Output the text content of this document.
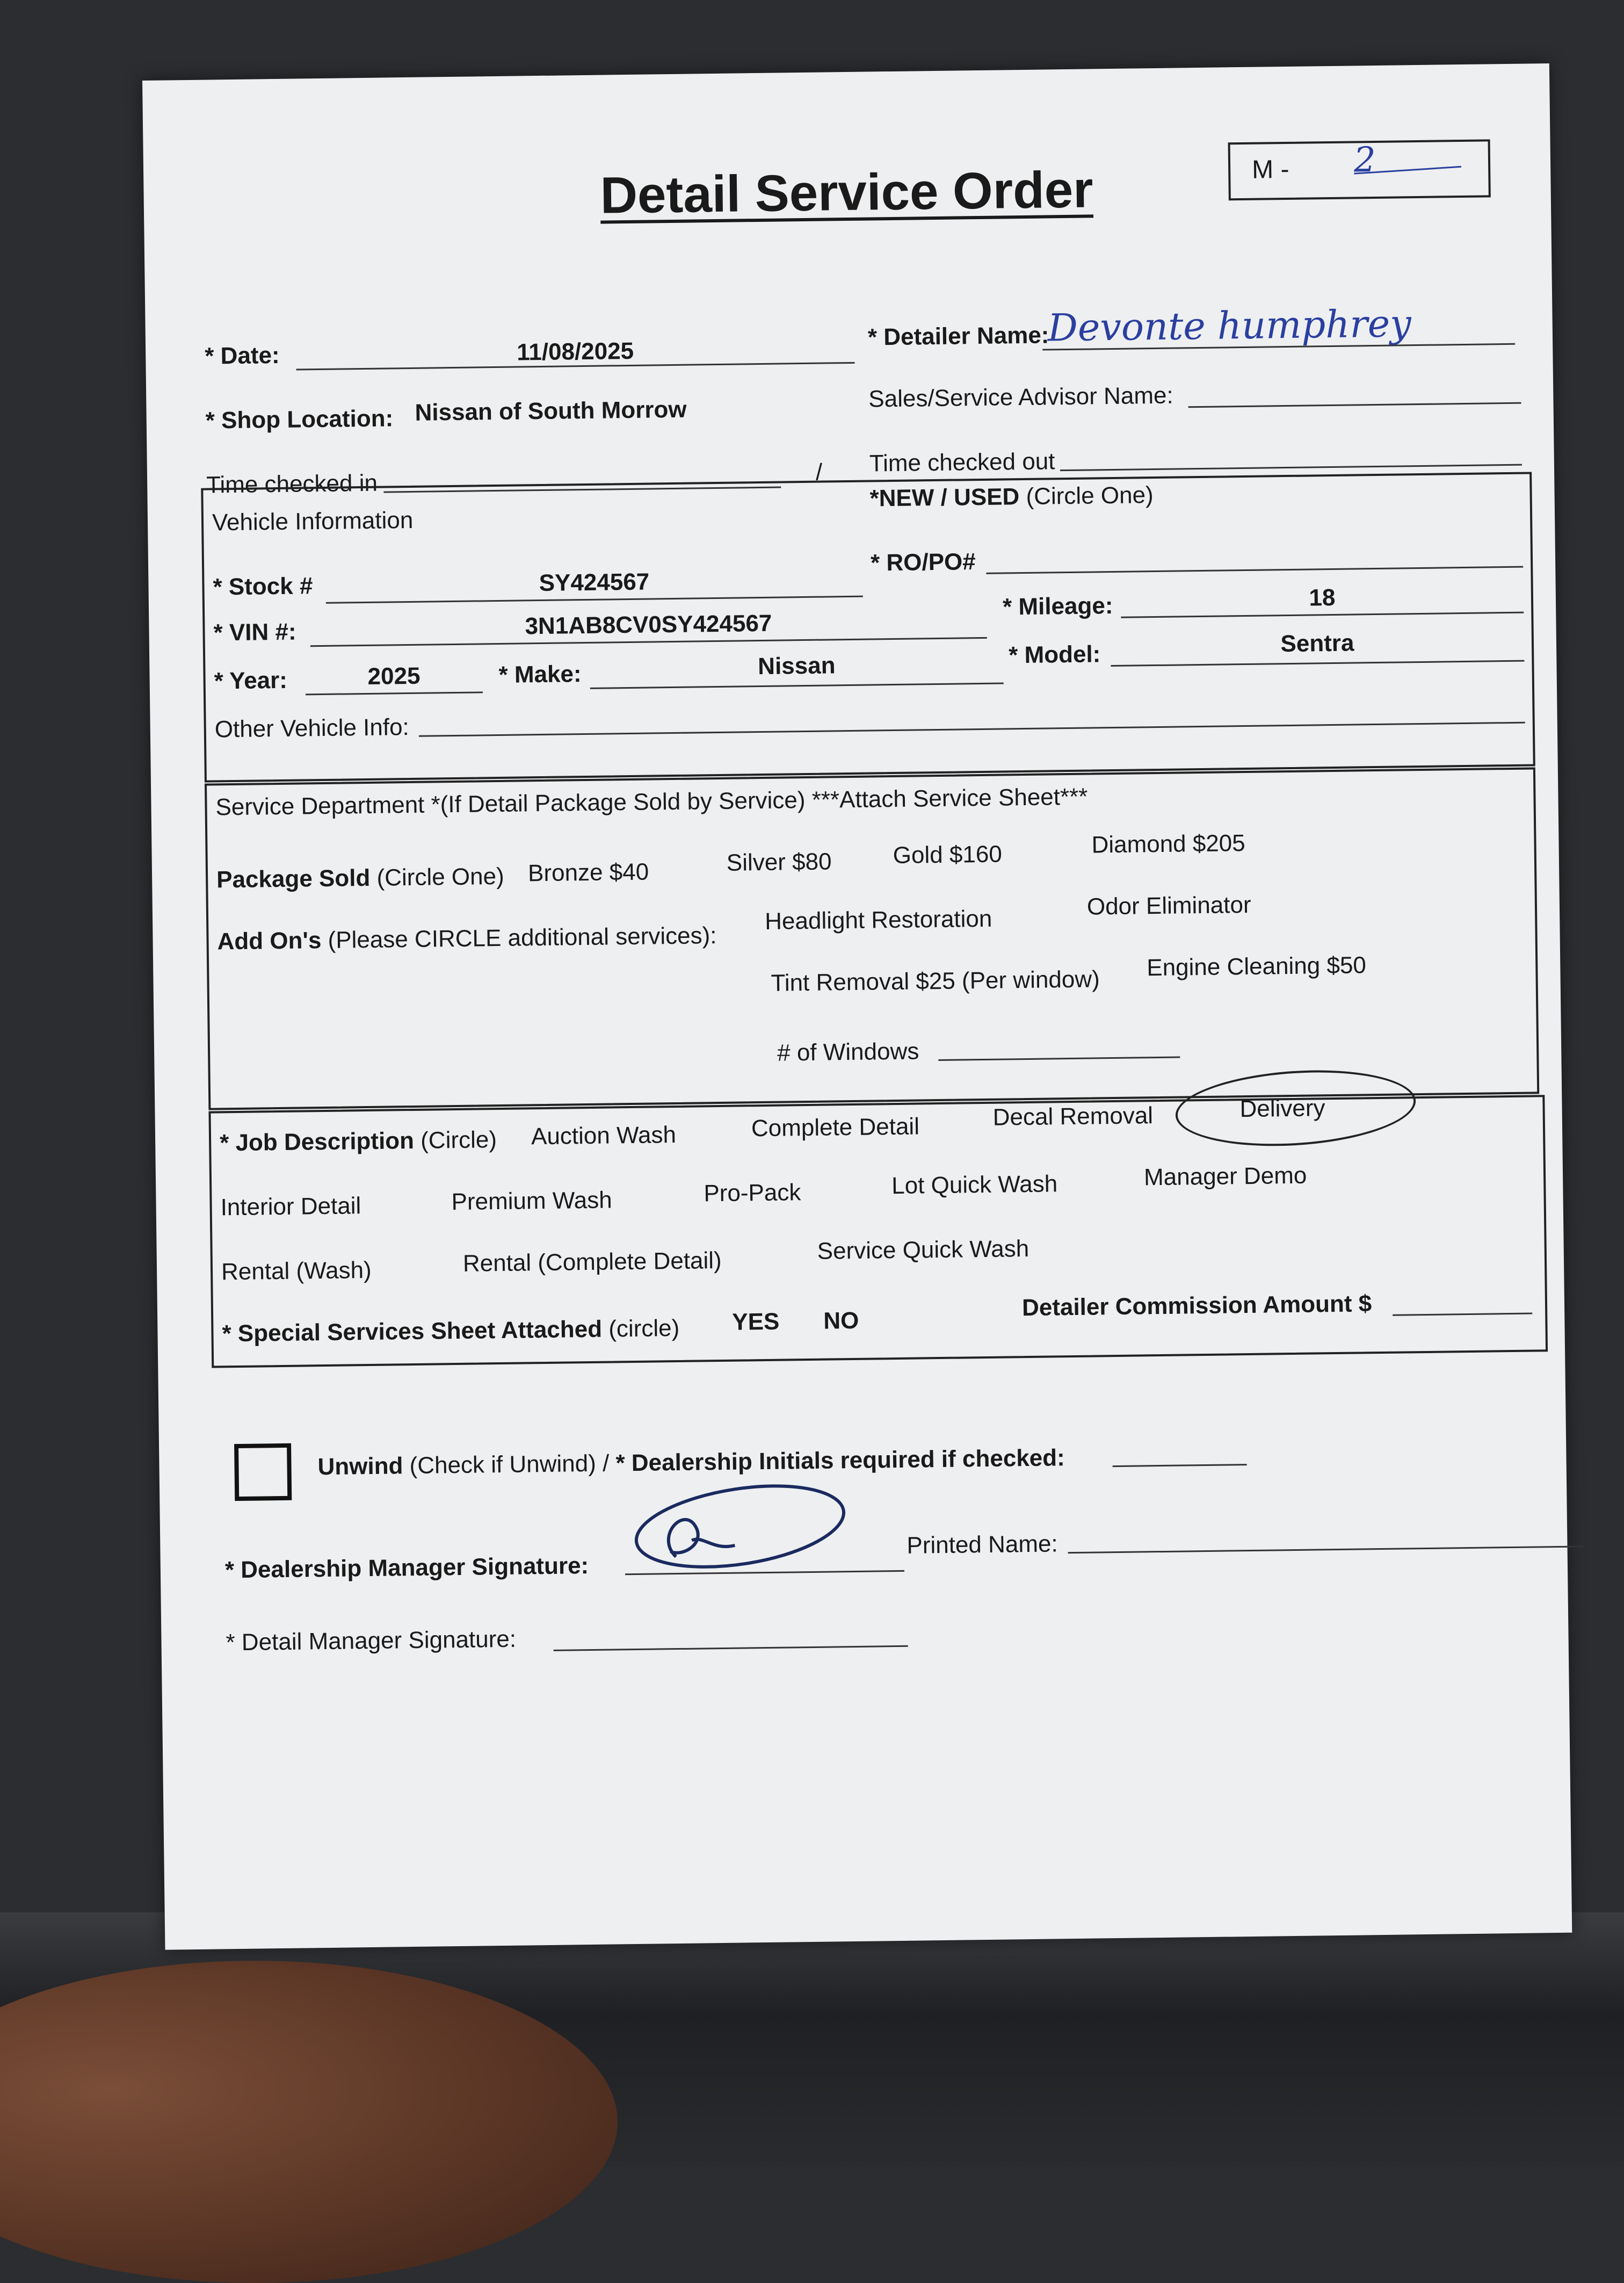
Detail Service Order	M - 2
* Date:	11/08/2025
* Detailer Name:
Devonte humphrey
* Shop Location: Nissan of South Morrow	Sales/Service Advisor Name:
Time checked in	/ Time checked out
Vehicle Information
*NEW / USED (Circle One)
* Stock #	SY424567
* RO/PO#
* VIN #:	3N1AB8CV0SY424567
* Mileage:	18
* Year:	2025	* Make:	Nissan	* Model:	Sentra
Other Vehicle Info:
Service Department *(If Detail Package Sold by Service) ***Attach Service Sheet***
Package Sold (Circle One) Bronze $40	Silver $80	Gold $160	Diamond $205
Add On's (Please CIRCLE additional services):
Headlight Restoration	Odor Eliminator
Tint Removal $25 (Per window) Engine Cleaning $50
# of Windows
* Job Description (Circle) Auction Wash	Complete Detail	Decal Removal	Delivery
Interior Detail	Premium Wash	Pro-Pack	Lot Quick Wash	Manager Demo
Rental (Wash)	Rental (Complete Detail)	Service Quick Wash
* Special Services Sheet Attached (circle) YES NO	Detailer Commission Amount $
Unwind (Check if Unwind) / * Dealership Initials required if checked:
* Dealership Manager Signature:
Printed Name:
* Detail Manager Signature:
